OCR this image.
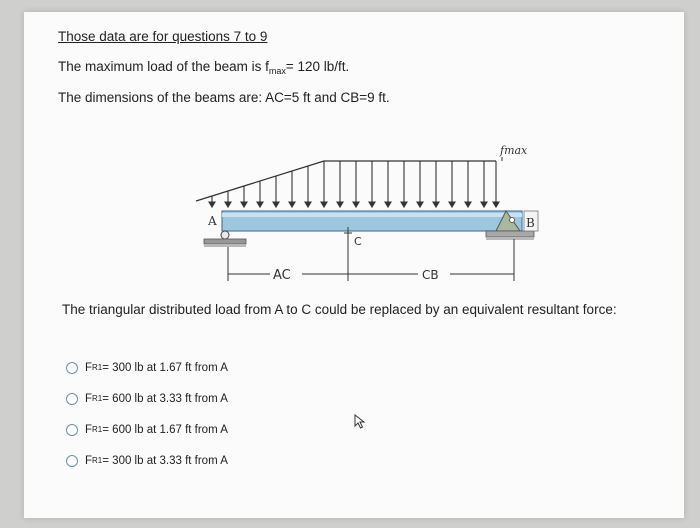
Those data are for questions 7 to 9
The maximum load of the beam is $f_{max}= 120$ lb/ft.
The dimensions of the beams are: AC=5 ft and CB=9 ft.
fmax
A	B
C
AC	CB
The triangular distributed load from A to C could be replaced by an equivalent resultant force:
F R1 = 300 lb at 1.67 ft from A
F R1 = 600 lb at 3.33 ft from A
F R1 = 600 lb at 1.67 ft from A
F R1 = 300 lb at 3.33 ft from A
